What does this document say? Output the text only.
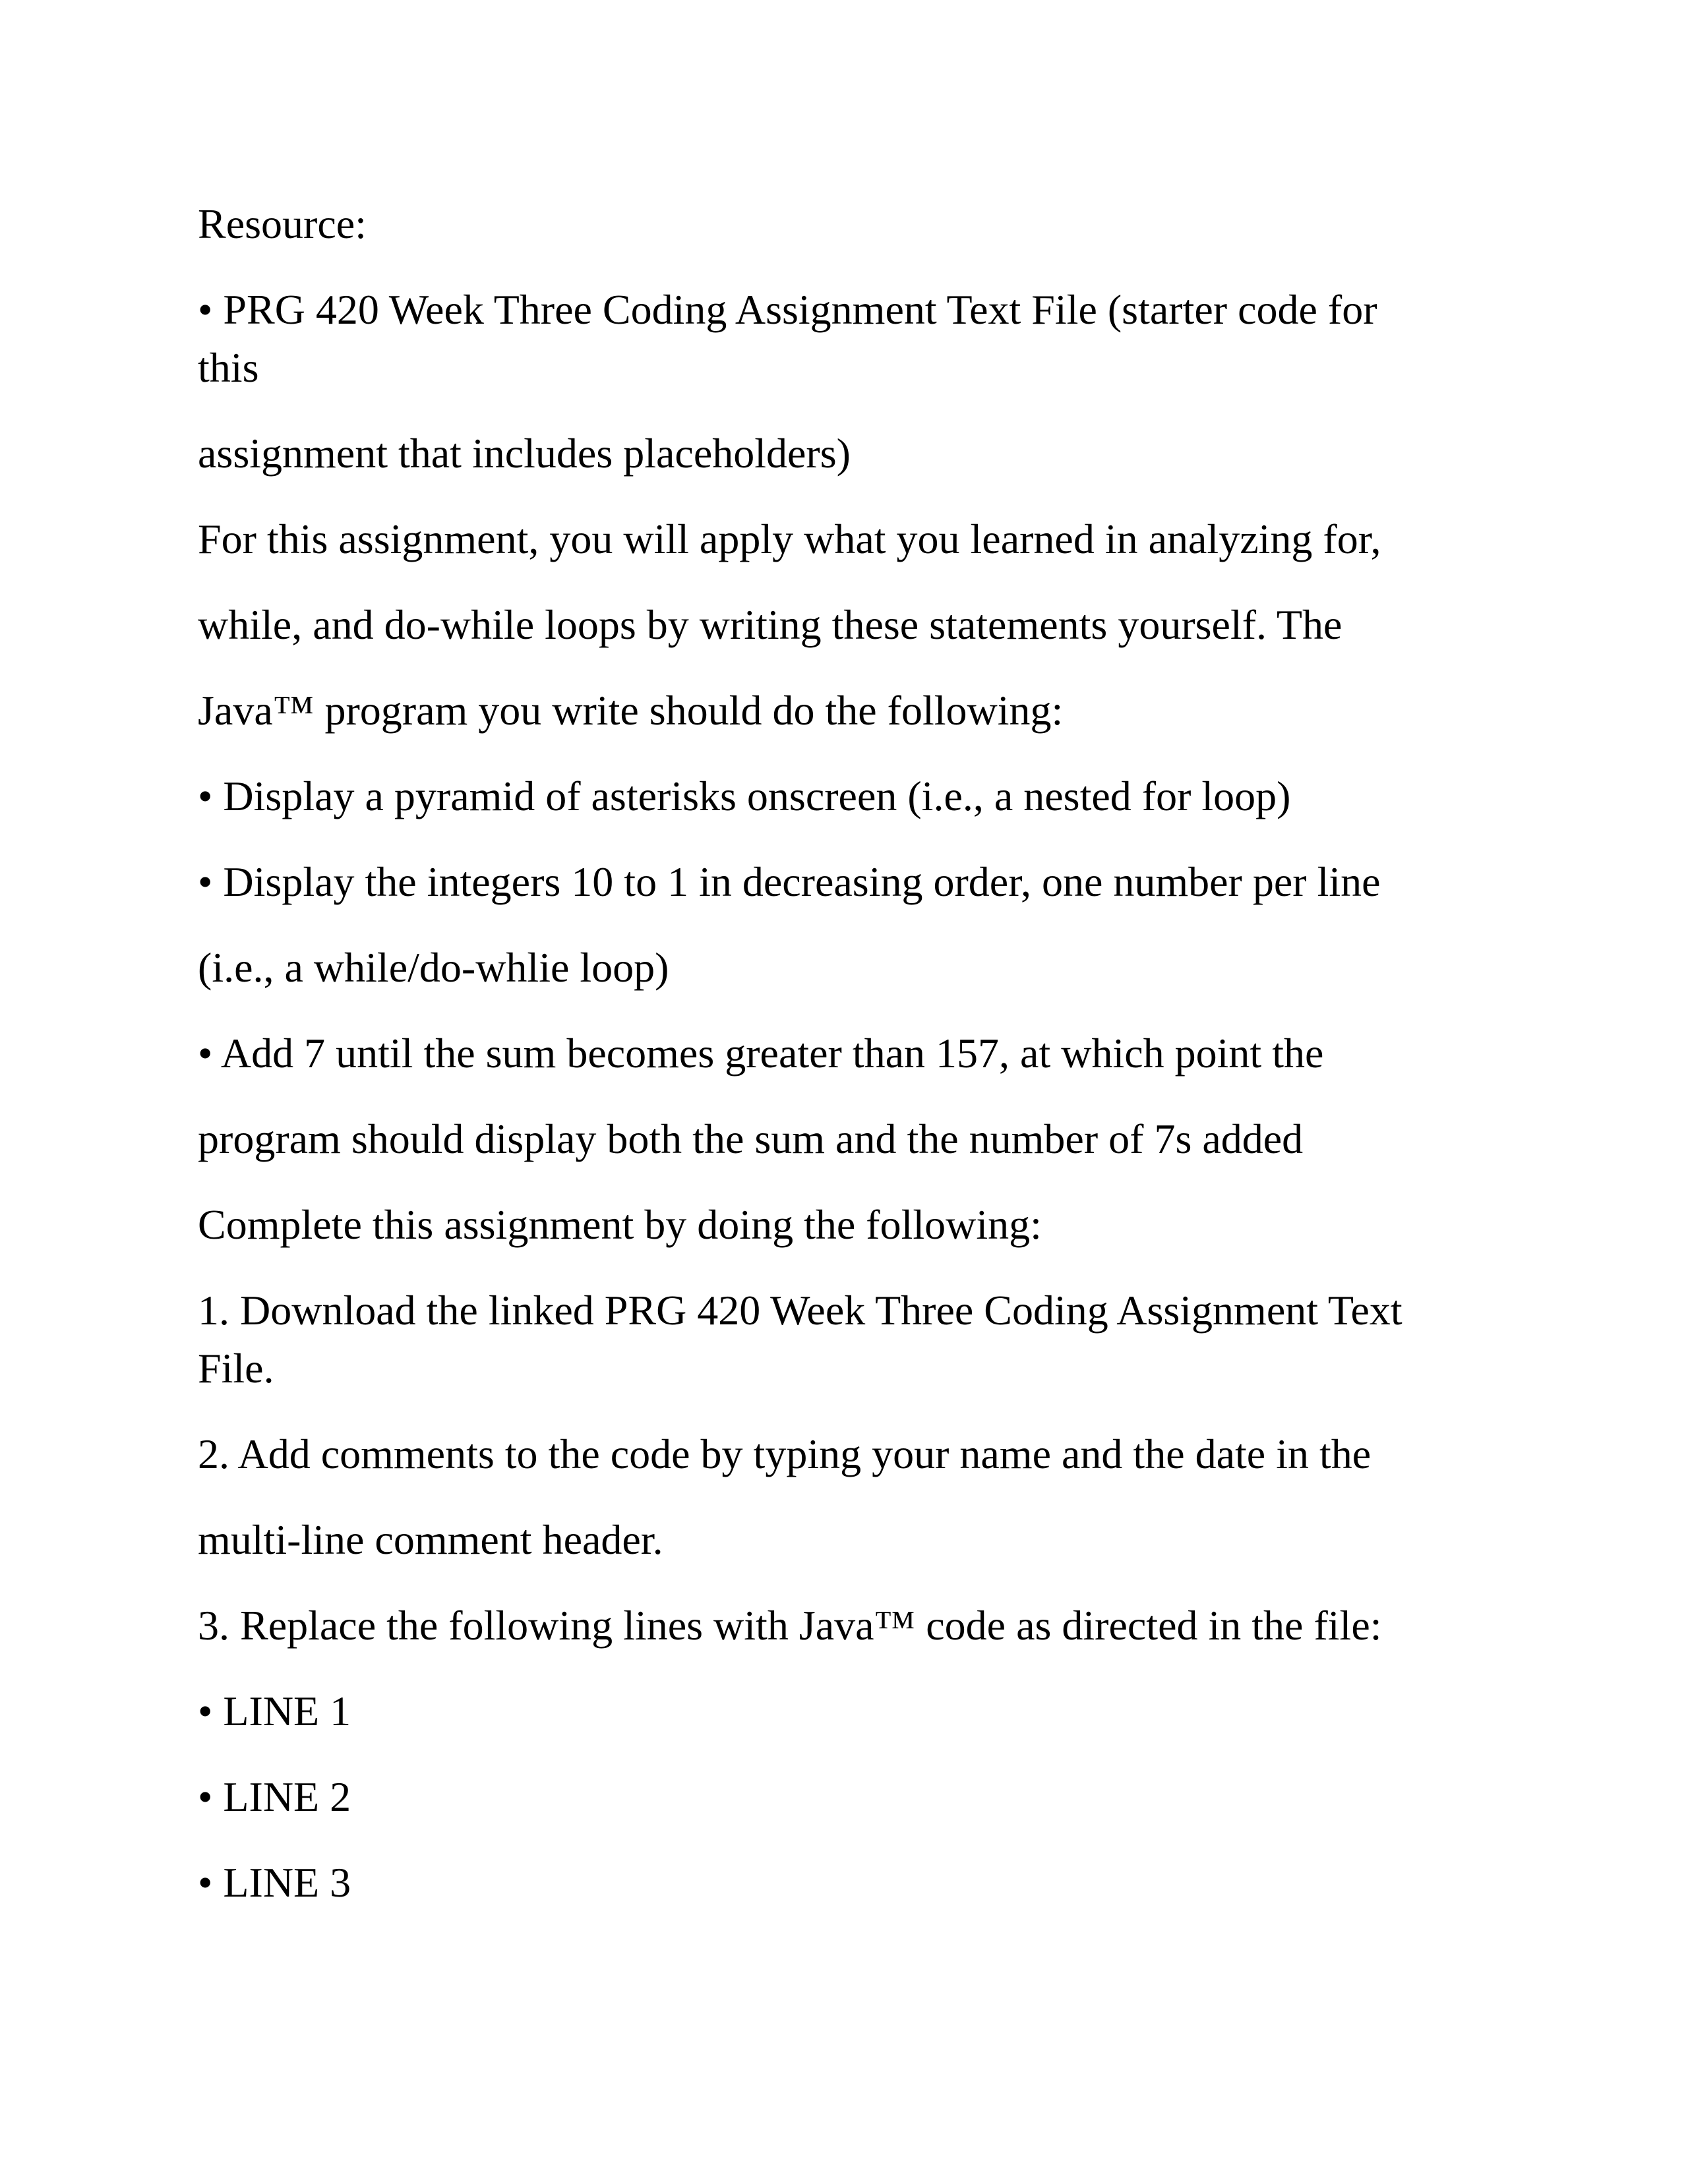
Resource:
• PRG 420 Week Three Coding Assignment Text File (starter code for
this
assignment that includes placeholders)
For this assignment, you will apply what you learned in analyzing for,
while, and do-while loops by writing these statements yourself. The
Java™ program you write should do the following:
• Display a pyramid of asterisks onscreen (i.e., a nested for loop)
• Display the integers 10 to 1 in decreasing order, one number per line
(i.e., a while/do-whlie loop)
• Add 7 until the sum becomes greater than 157, at which point the
program should display both the sum and the number of 7s added
Complete this assignment by doing the following:
1. Download the linked PRG 420 Week Three Coding Assignment Text
File.
2. Add comments to the code by typing your name and the date in the
multi-line comment header.
3. Replace the following lines with Java™ code as directed in the file:
• LINE 1
• LINE 2
• LINE 3
